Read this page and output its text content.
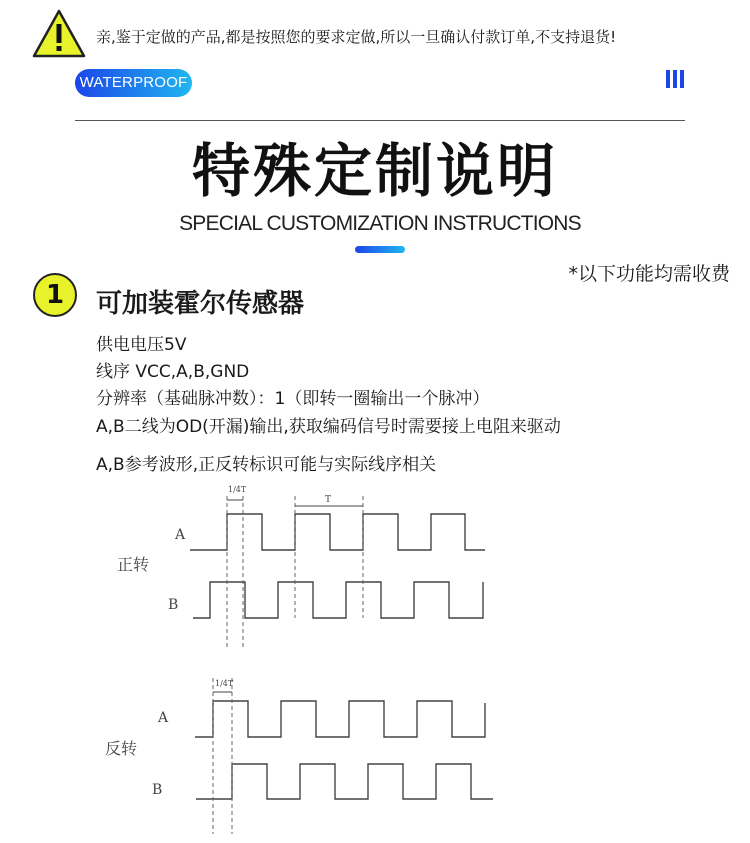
亲,鉴于定做的产品,都是按照您的要求定做,所以一旦确认付款订单,不支持退货!
WATERPROOF
特殊定制说明
SPECIAL CUSTOMIZATION INSTRUCTIONS
*以下功能均需收费
1	可加装霍尔传感器
供电电压5V
线序 VCC,A,B,GND
分辨率（基础脉冲数）：1（即转一圈输出一个脉冲）
A,B二线为OD(开漏)输出,获取编码信号时需要接上电阻来驱动
A,B参考波形,正反转标识可能与实际线序相关
1/4T
T
A
正转
B
1/4T
A
反转
B
